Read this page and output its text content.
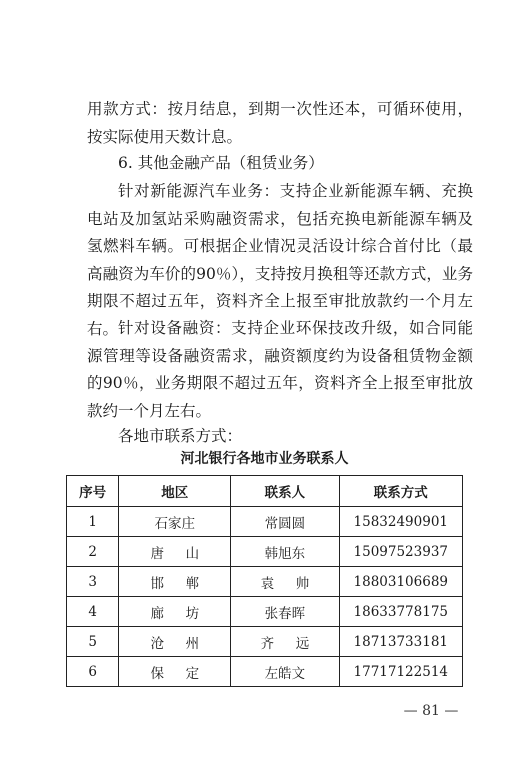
用款方式：按月结息，到期一次性还本，可循环使用，按实际使用天数计息。

6. 其他金融产品（租赁业务）

针对新能源汽车业务：支持企业新能源车辆、充换电站及加氢站采购融资需求，包括充换电新能源车辆及氢燃料车辆。可根据企业情况灵活设计综合首付比（最高融资为车价的90％），支持按月换租等还款方式，业务期限不超过五年，资料齐全上报至审批放款约一个月左右。 针对设备融资：支持企业环保技改升级，如合同能源管理等设备融资需求，融资额度约为设备租赁物金额的90％，业务期限不超过五年，资料齐全上报至审批放款约一个月左右。

各地市联系方式：

河北银行各地市业务联系人
序号	地区	联系人	联系方式
1	石家庄	常圆圆	15832490901
2	唐山	韩旭东	15097523937
3	邯郸	袁帅	18803106689
4	廊坊	张春晖	18633778175
5	沧州	齐远	18713733181
6	保定	左皓文	17717122514
— 81 —
